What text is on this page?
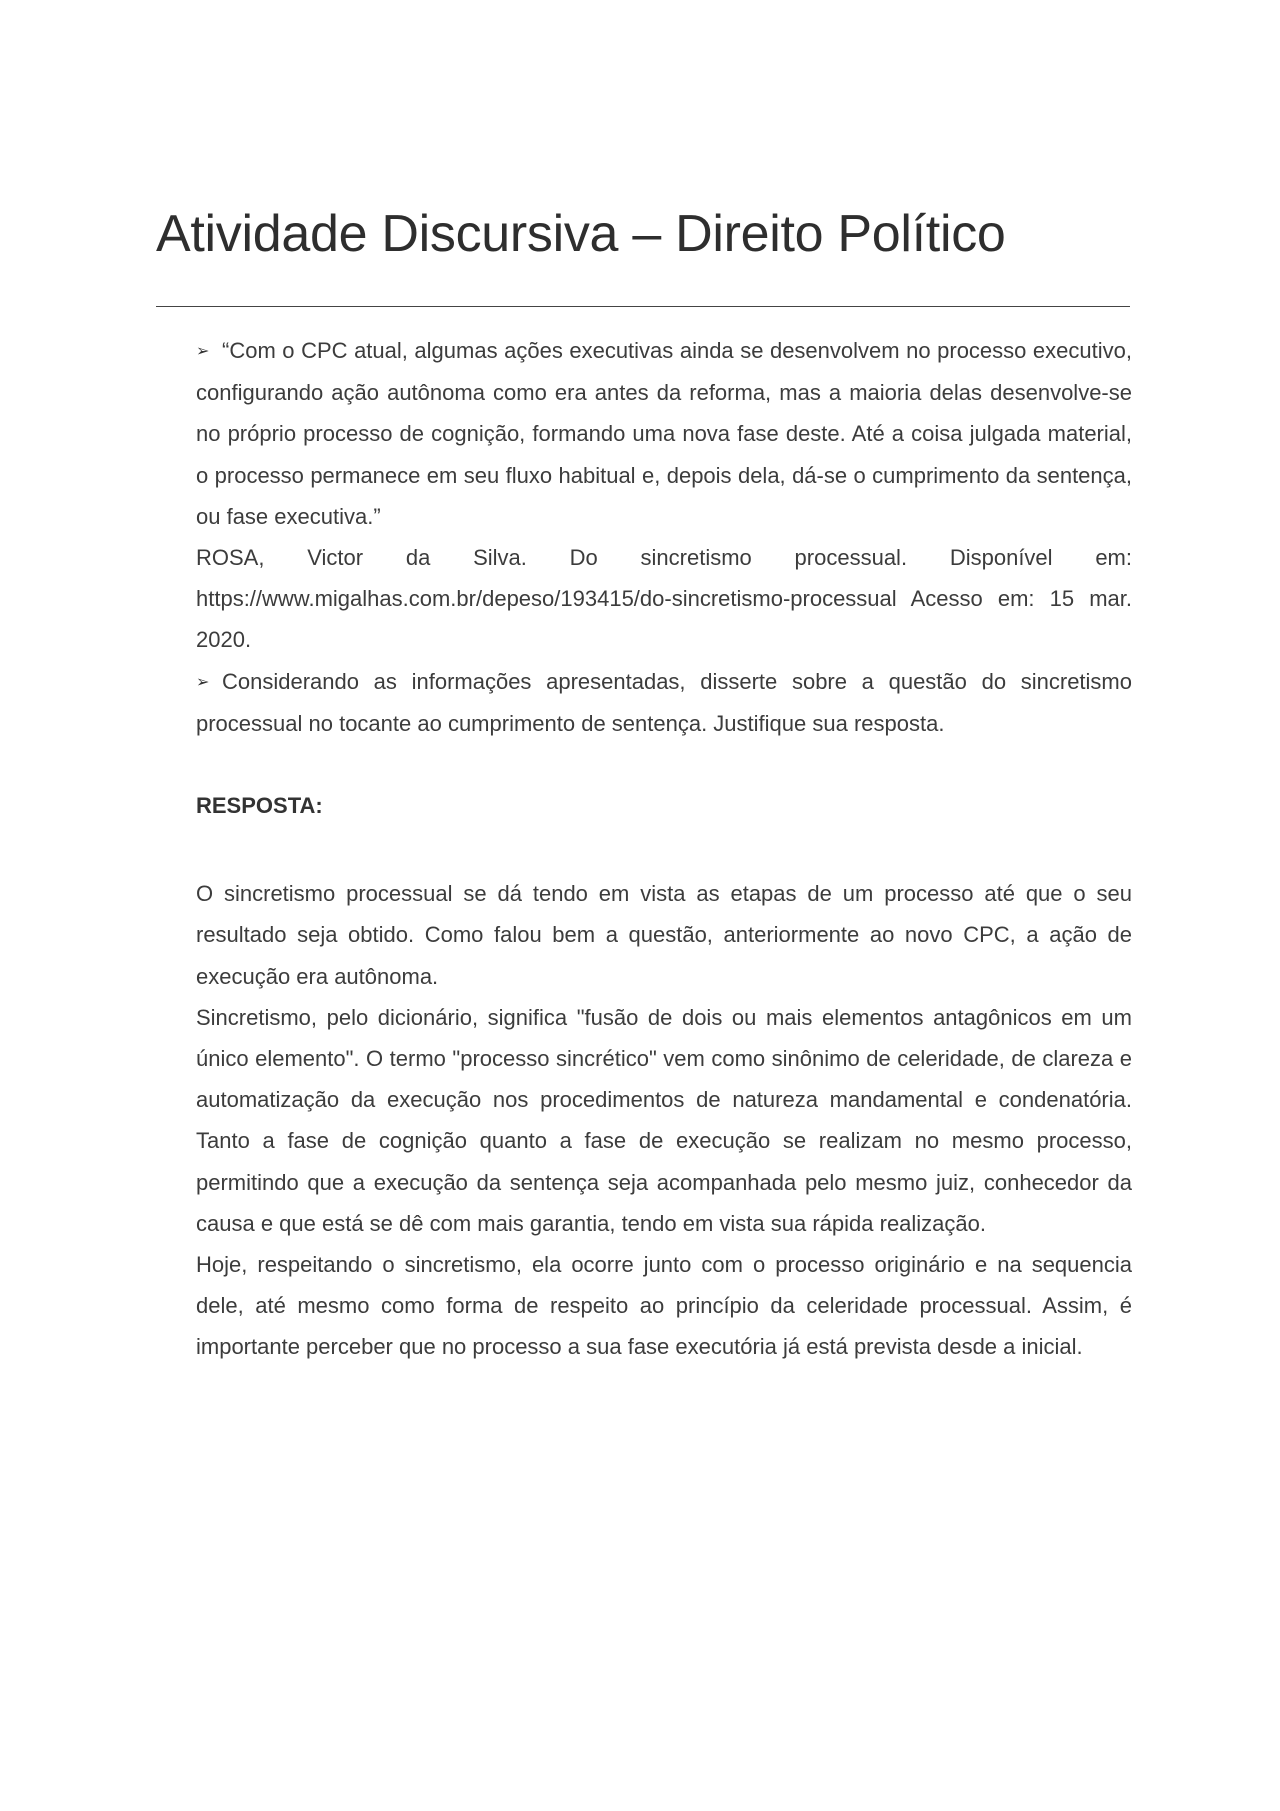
Atividade Discursiva – Direito Político

➢ “Com o CPC atual, algumas ações executivas ainda se desenvolvem no processo executivo, configurando ação autônoma como era antes da reforma, mas a maioria delas desenvolve-se no próprio processo de cognição, formando uma nova fase deste. Até a coisa julgada material, o processo permanece em seu fluxo habitual e, depois dela, dá-se o cumprimento da sentença, ou fase executiva.”

ROSA, Victor da Silva. Do sincretismo processual. Disponível em: https://www.migalhas.com.br/depeso/193415/do-sincretismo-processual Acesso em: 15 mar. 2020.

➢ Considerando as informações apresentadas, disserte sobre a questão do sincretismo processual no tocante ao cumprimento de sentença. Justifique sua resposta.

RESPOSTA:

O sincretismo processual se dá tendo em vista as etapas de um processo até que o seu resultado seja obtido. Como falou bem a questão, anteriormente ao novo CPC, a ação de execução era autônoma.

Sincretismo, pelo dicionário, significa "fusão de dois ou mais elementos antagônicos em um único elemento". O termo "processo sincrético" vem como sinônimo de celeridade, de clareza e automatização da execução nos procedimentos de natureza mandamental e condenatória. Tanto a fase de cognição quanto a fase de execução se realizam no mesmo processo, permitindo que a execução da sentença seja acompanhada pelo mesmo juiz, conhecedor da causa e que está se dê com mais garantia, tendo em vista sua rápida realização.

Hoje, respeitando o sincretismo, ela ocorre junto com o processo originário e na sequencia dele, até mesmo como forma de respeito ao princípio da celeridade processual. Assim, é importante perceber que no processo a sua fase executória já está prevista desde a inicial.
